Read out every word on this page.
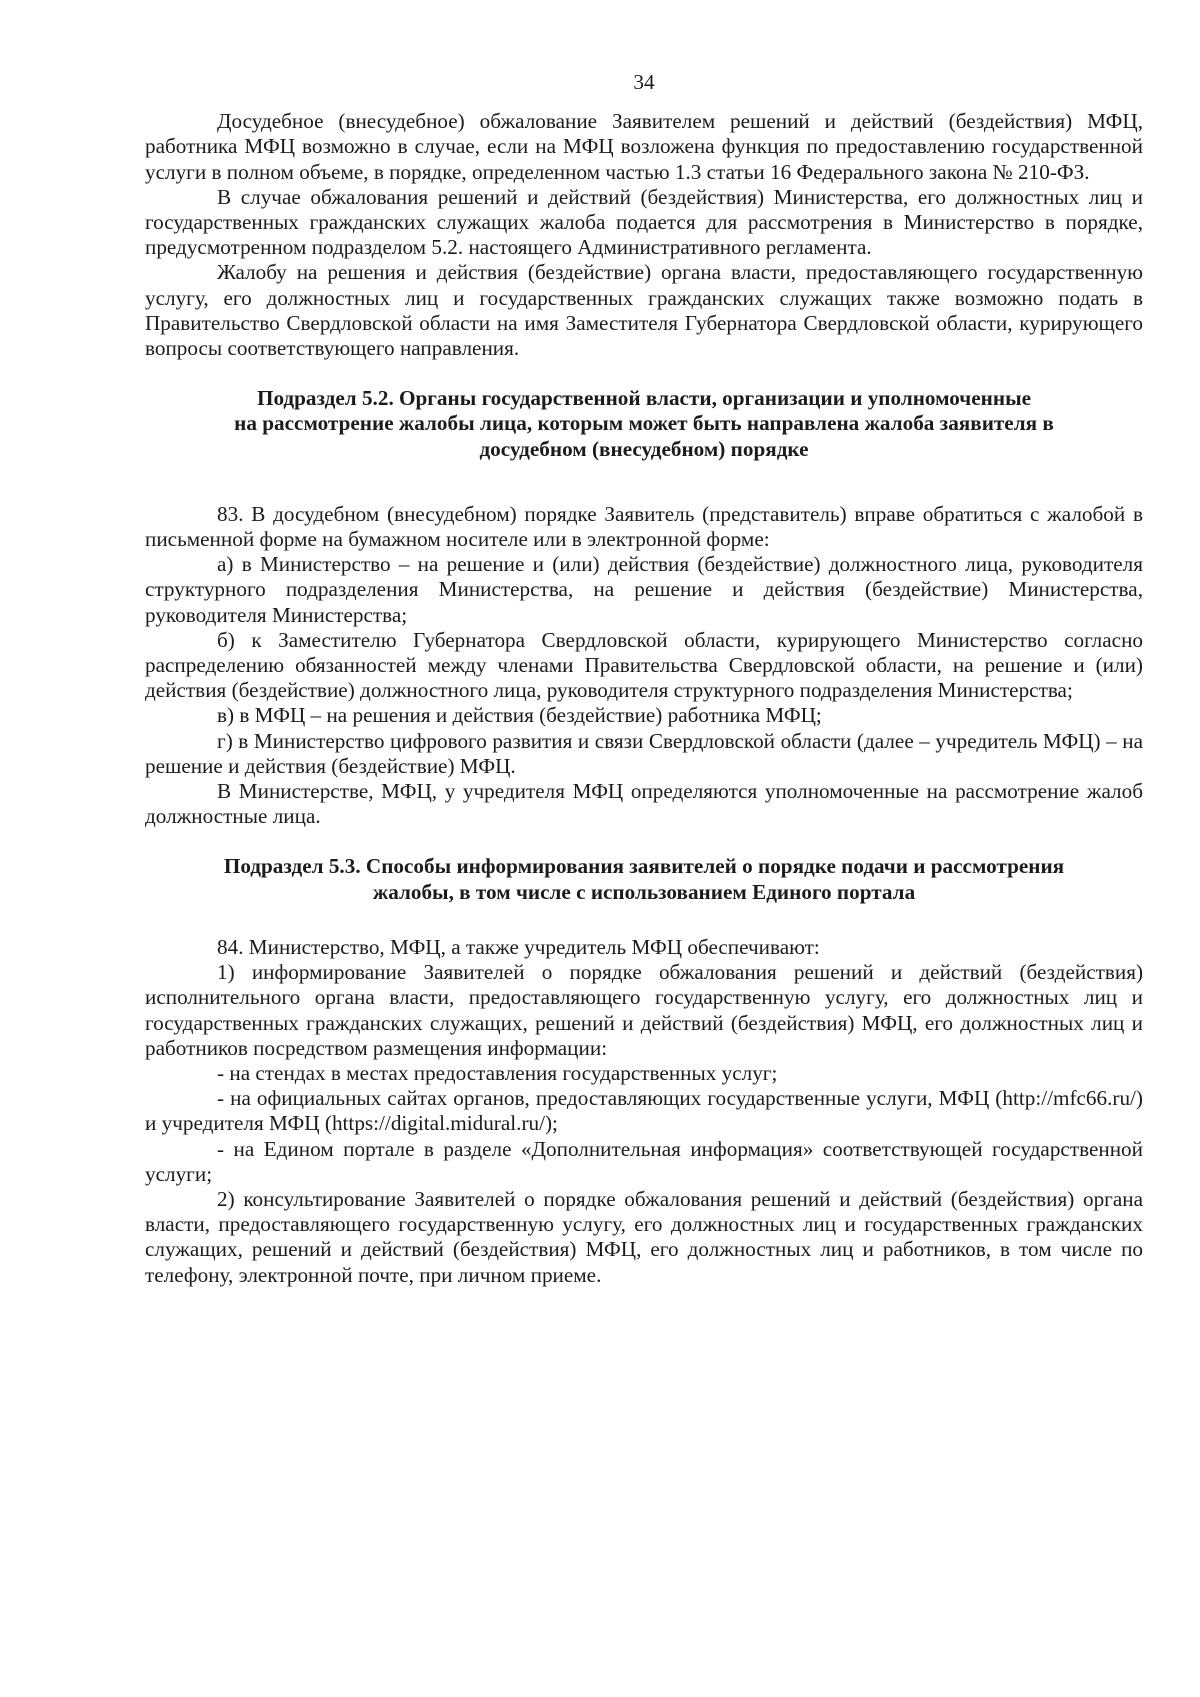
34

Досудебное (внесудебное) обжалование Заявителем решений и действий (бездействия) МФЦ, работника МФЦ возможно в случае, если на МФЦ возложена функция по предоставлению государственной услуги в полном объеме, в порядке, определенном частью 1.3 статьи 16 Федерального закона № 210-ФЗ.

В случае обжалования решений и действий (бездействия) Министерства, его должностных лиц и государственных гражданских служащих жалоба подается для рассмотрения в Министерство в порядке, предусмотренном подразделом 5.2. настоящего Административного регламента.

Жалобу на решения и действия (бездействие) органа власти, предоставляющего государственную услугу, его должностных лиц и государственных гражданских служащих также возможно подать в Правительство Свердловской области на имя Заместителя Губернатора Свердловской области, курирующего вопросы соответствующего направления.

Подраздел 5.2. Органы государственной власти, организации и уполномоченные
на рассмотрение жалобы лица, которым может быть направлена жалоба заявителя в
досудебном (внесудебном) порядке

83. В досудебном (внесудебном) порядке Заявитель (представитель) вправе обратиться с жалобой в письменной форме на бумажном носителе или в электронной форме:

а) в Министерство – на решение и (или) действия (бездействие) должностного лица, руководителя структурного подразделения Министерства, на решение и действия (бездействие) Министерства, руководителя Министерства;

б) к Заместителю Губернатора Свердловской области, курирующего Министерство согласно распределению обязанностей между членами Правительства Свердловской области, на решение и (или) действия (бездействие) должностного лица, руководителя структурного подразделения Министерства;

в) в МФЦ – на решения и действия (бездействие) работника МФЦ;

г) в Министерство цифрового развития и связи Свердловской области (далее – учредитель МФЦ) – на решение и действия (бездействие) МФЦ.

В Министерстве, МФЦ, у учредителя МФЦ определяются уполномоченные на рассмотрение жалоб должностные лица.

Подраздел 5.3. Способы информирования заявителей о порядке подачи и рассмотрения
жалобы, в том числе с использованием Единого портала

84. Министерство, МФЦ, а также учредитель МФЦ обеспечивают:

1) информирование Заявителей о порядке обжалования решений и действий (бездействия) исполнительного органа власти, предоставляющего государственную услугу, его должностных лиц и государственных гражданских служащих, решений и действий (бездействия) МФЦ, его должностных лиц и работников посредством размещения информации:

- на стендах в местах предоставления государственных услуг;

- на официальных сайтах органов, предоставляющих государственные услуги, МФЦ (http://mfc66.ru/) и учредителя МФЦ (https://digital.midural.ru/);

- на Едином портале в разделе «Дополнительная информация» соответствующей государственной услуги;

2) консультирование Заявителей о порядке обжалования решений и действий (бездействия) органа власти, предоставляющего государственную услугу, его должностных лиц и государственных гражданских служащих, решений и действий (бездействия) МФЦ, его должностных лиц и работников, в том числе по телефону, электронной почте, при личном приеме.
